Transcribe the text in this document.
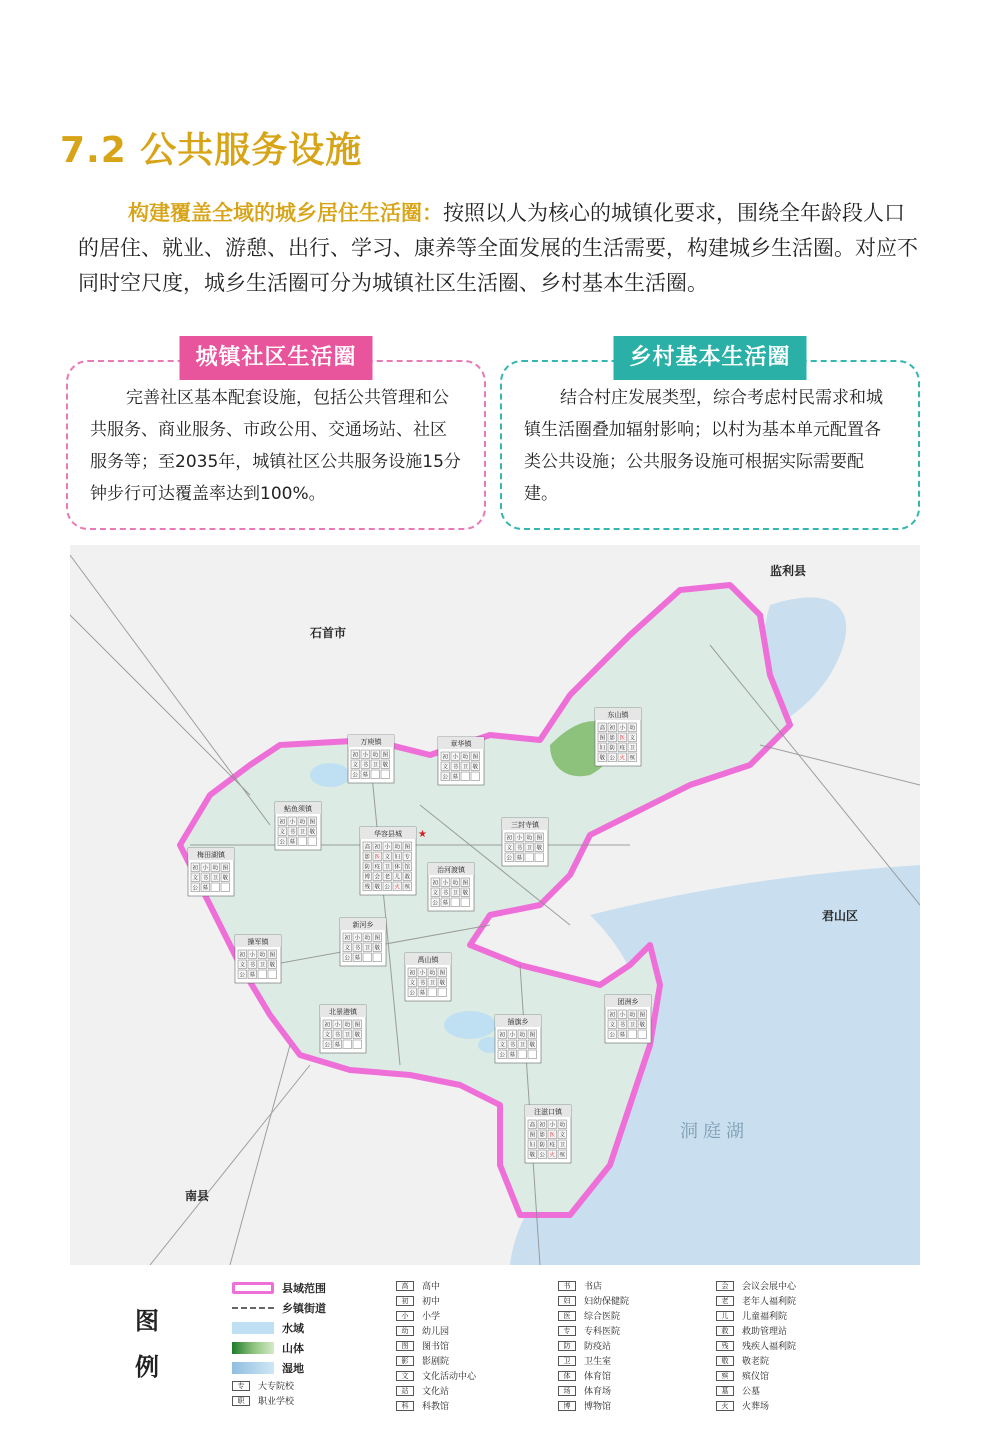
7.2 公共服务设施
构建覆盖全域的城乡居住生活圈：按照以人为核心的城镇化要求，围绕全年龄段人口的居住、就业、游憩、出行、学习、康养等全面发展的生活需要，构建城乡生活圈。对应不同时空尺度，城乡生活圈可分为城镇社区生活圈、乡村基本生活圈。
城镇社区生活圈

完善社区基本配套设施，包括公共管理和公共服务、商业服务、市政公用、交通场站、社区服务等；至2035年，城镇社区公共服务设施15分钟步行可达覆盖率达到100%。

乡村基本生活圈

结合村庄发展类型，综合考虑村民需求和城镇生活圈叠加辐射影响；以村为基本单元配置各类公共设施；公共服务设施可根据实际需要配建。

万庾镇
初 小 幼 图
文 书 卫 敬
公 墓
章华镇
初 小 幼 图
文 书 卫 敬
公 墓
东山镇
高 初 小 幼
图 影 医 文
妇 防 疫 卫
敬 公 火 殡
鲇鱼须镇
初 小 幼 图
文 书 卫 敬
公 墓
三封寺镇
初 小 幼 图
文 书 卫 敬
公 墓
梅田湖镇
初 小 幼 图
文 书 卫 敬
公 墓
治河渡镇
初 小 幼 图
文 书 卫 敬
公 墓
新河乡
初 小 幼 图
文 书 卫 敬
公 墓
操军镇
初 小 幼 图
文 书 卫 敬
公 墓
禹山镇
初 小 幼 图
文 书 卫 敬
公 墓
团洲乡
初 小 幼 图
文 书 卫 敬
公 墓
北景港镇
初 小 幼 图
文 书 卫 敬
公 墓
插旗乡
初 小 幼 图
文 书 卫 敬
公 墓
注滋口镇
高 初 小 幼
图 影 医 文
妇 防 疫 卫
敬 公 火 殡
华容县城
高 初 小 幼 图
影 医 文 妇 专
防 疫 卫 体 馆
博 会 老 儿 救
残 敬 公 火 殡
石首市
监利县
君山区
南县
洞 庭 湖
★
图例
县域范围
乡镇街道
水域
山体
湿地
专	大专院校
职	职业学校
高	高中
初	初中
小	小学
幼	幼儿园
图	图书馆
影	影剧院
文	文化活动中心
站	文化站
科	科教馆
书	书店
妇	妇幼保健院
医	综合医院
专	专科医院
防	防疫站
卫	卫生室
体	体育馆
场	体育场
博	博物馆
会	会议会展中心
老	老年人福利院
儿	儿童福利院
救	救助管理站
残	残疾人福利院
敬	敬老院
殡	殡仪馆
墓	公墓
火	火葬场
